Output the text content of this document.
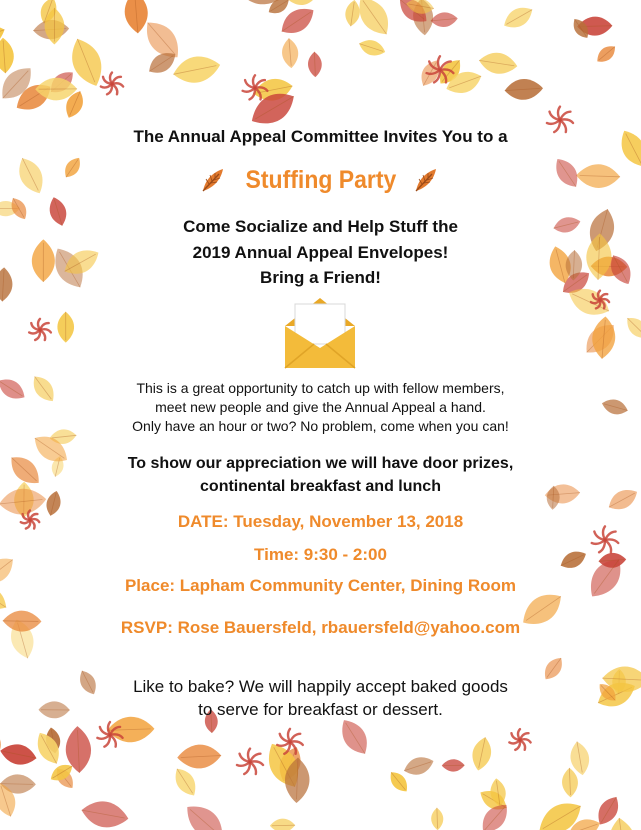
The Annual Appeal Committee Invites You to a
Stuffing Party
Come Socialize and Help Stuff the
2019 Annual Appeal Envelopes!
Bring a Friend!
This is a great opportunity to catch up with fellow members,
meet new people and give the Annual Appeal a hand.
Only have an hour or two? No problem, come when you can!
To show our appreciation we will have door prizes,
continental breakfast and lunch
DATE: Tuesday, November 13, 2018
Time: 9:30 - 2:00
Place: Lapham Community Center, Dining Room
RSVP: Rose Bauersfeld, rbauersfeld@yahoo.com
Like to bake? We will happily accept baked goods
to serve for breakfast or dessert.
